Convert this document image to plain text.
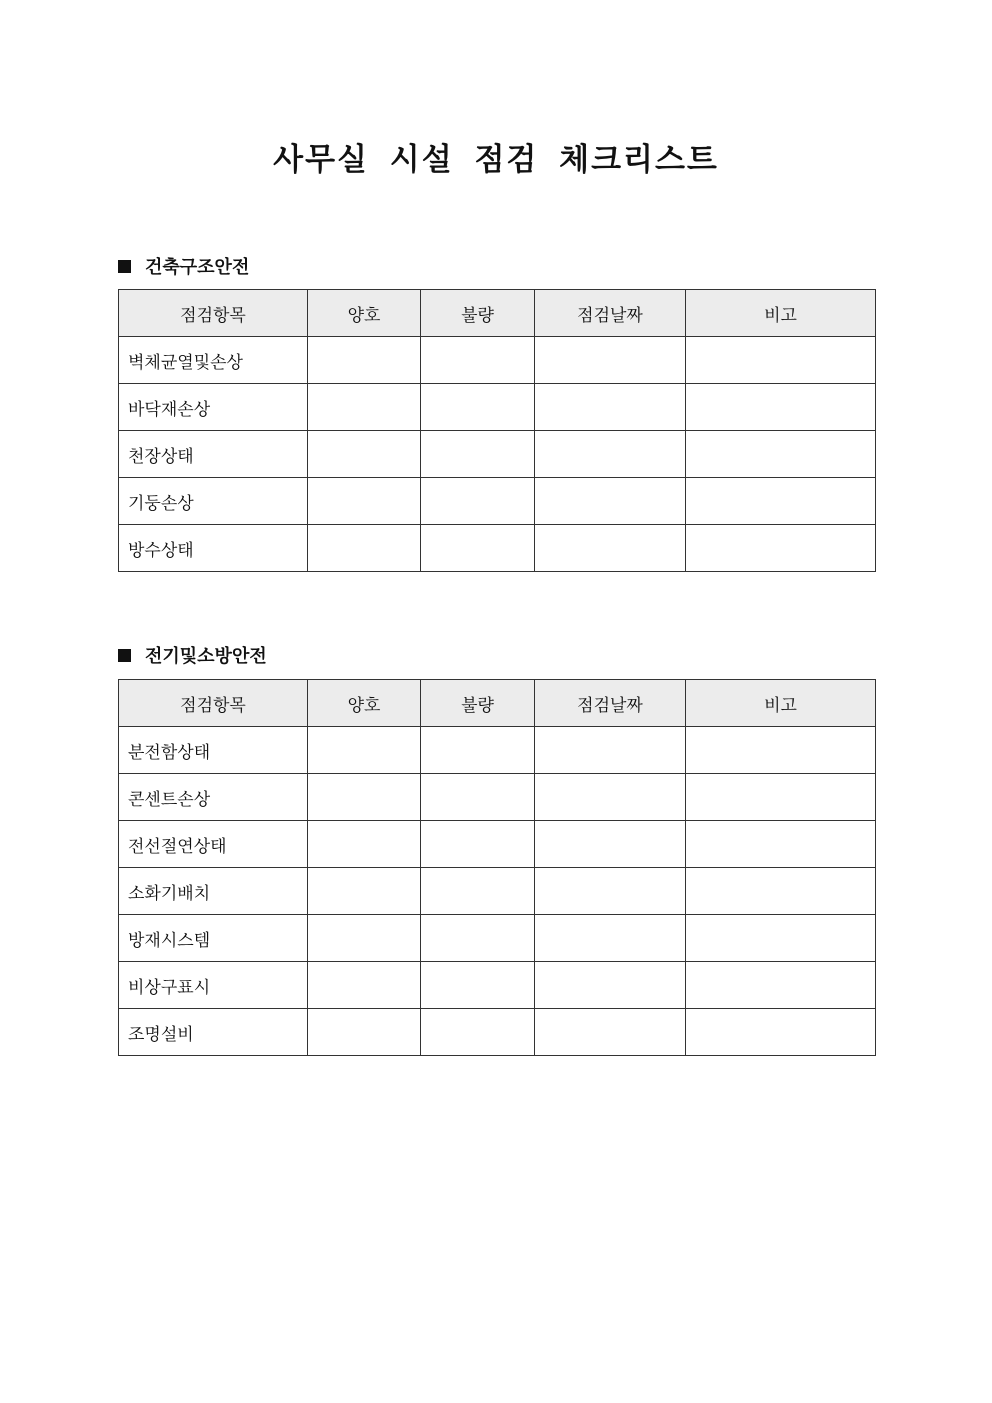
사무실 시설 점검 체크리스트
건축구조안전
점검항목	양호	불량	점검날짜	비고
벽체균열및손상				
바닥재손상				
천장상태				
기둥손상				
방수상태				
전기및소방안전
점검항목	양호	불량	점검날짜	비고
분전함상태				
콘센트손상				
전선절연상태				
소화기배치				
방재시스템				
비상구표시				
조명설비				
